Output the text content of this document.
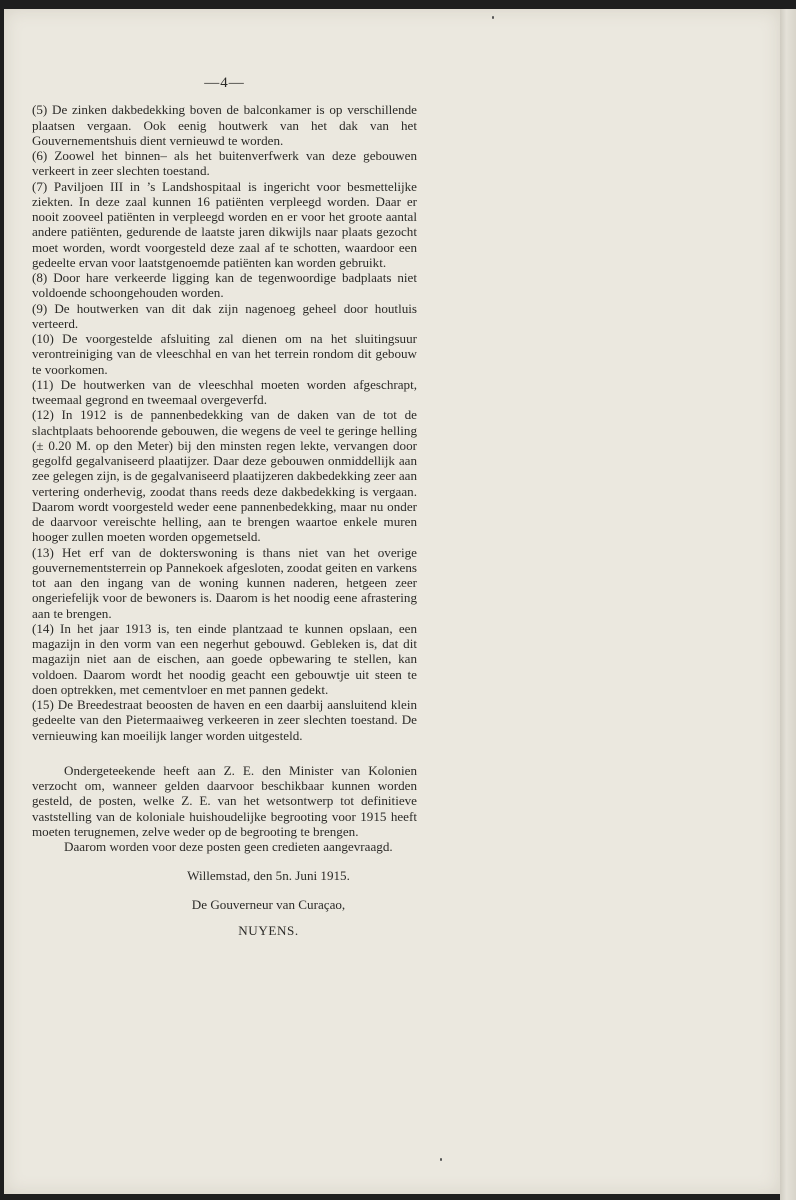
—4—

(5) De zinken dakbedekking boven de balconkamer is op verschillende plaatsen vergaan. Ook eenig houtwerk van het dak van het Gouvernementshuis dient vernieuwd te worden.

(6) Zoowel het binnen– als het buitenverfwerk van deze gebouwen verkeert in zeer slechten toestand.

(7) Paviljoen III in ’s Landshospitaal is ingericht voor besmettelijke ziekten. In deze zaal kunnen 16 patiënten verpleegd worden. Daar er nooit zooveel patiënten in verpleegd worden en er voor het groote aantal andere patiënten, gedurende de laatste jaren dikwijls naar plaats gezocht moet worden, wordt voorgesteld deze zaal af te schotten, waardoor een gedeelte ervan voor laatstgenoemde patiënten kan worden gebruikt.

(8) Door hare verkeerde ligging kan de tegenwoordige badplaats niet voldoende schoongehouden worden.

(9) De houtwerken van dit dak zijn nagenoeg geheel door houtluis verteerd.

(10) De voorgestelde afsluiting zal dienen om na het sluitingsuur verontreiniging van de vleeschhal en van het terrein rondom dit gebouw te voorkomen.

(11) De houtwerken van de vleeschhal moeten worden afgeschrapt, tweemaal gegrond en tweemaal overgeverfd.

(12) In 1912 is de pannenbedekking van de daken van de tot de slachtplaats behoorende gebouwen, die wegens de veel te geringe helling (± 0.20 M. op den Meter) bij den minsten regen lekte, vervangen door gegolfd gegalvaniseerd plaatijzer. Daar deze gebouwen onmiddellijk aan zee gelegen zijn, is de gegalvaniseerd plaatijzeren dakbedekking zeer aan vertering onderhevig, zoodat thans reeds deze dakbedekking is vergaan. Daarom wordt voorgesteld weder eene pannenbedekking, maar nu onder de daarvoor vereischte helling, aan te brengen waartoe enkele muren hooger zullen moeten worden opgemetseld.

(13) Het erf van de dokterswoning is thans niet van het overige gouvernementsterrein op Pannekoek afgesloten, zoodat geiten en varkens tot aan den ingang van de woning kunnen naderen, hetgeen zeer ongeriefelijk voor de bewoners is. Daarom is het noodig eene afrastering aan te brengen.

(14) In het jaar 1913 is, ten einde plantzaad te kunnen opslaan, een magazijn in den vorm van een negerhut gebouwd. Gebleken is, dat dit magazijn niet aan de eischen, aan goede opbewaring te stellen, kan voldoen. Daarom wordt het noodig geacht een gebouwtje uit steen te doen optrekken, met cementvloer en met pannen gedekt.

(15) De Breedestraat beoosten de haven en een daarbij aansluitend klein gedeelte van den Pietermaaiweg verkeeren in zeer slechten toestand. De vernieuwing kan moeilijk langer worden uitgesteld.

Ondergeteekende heeft aan Z. E. den Minister van Kolonien verzocht om, wanneer gelden daarvoor beschikbaar kunnen worden gesteld, de posten, welke Z. E. van het wetsontwerp tot definitieve vaststelling van de koloniale huishoudelijke begrooting voor 1915 heeft moeten terugnemen, zelve weder op de begrooting te brengen.

Daarom worden voor deze posten geen credieten aangevraagd.

Willemstad, den 5n. Juni 1915.
De Gouverneur van Curaçao,
NUYENS.
